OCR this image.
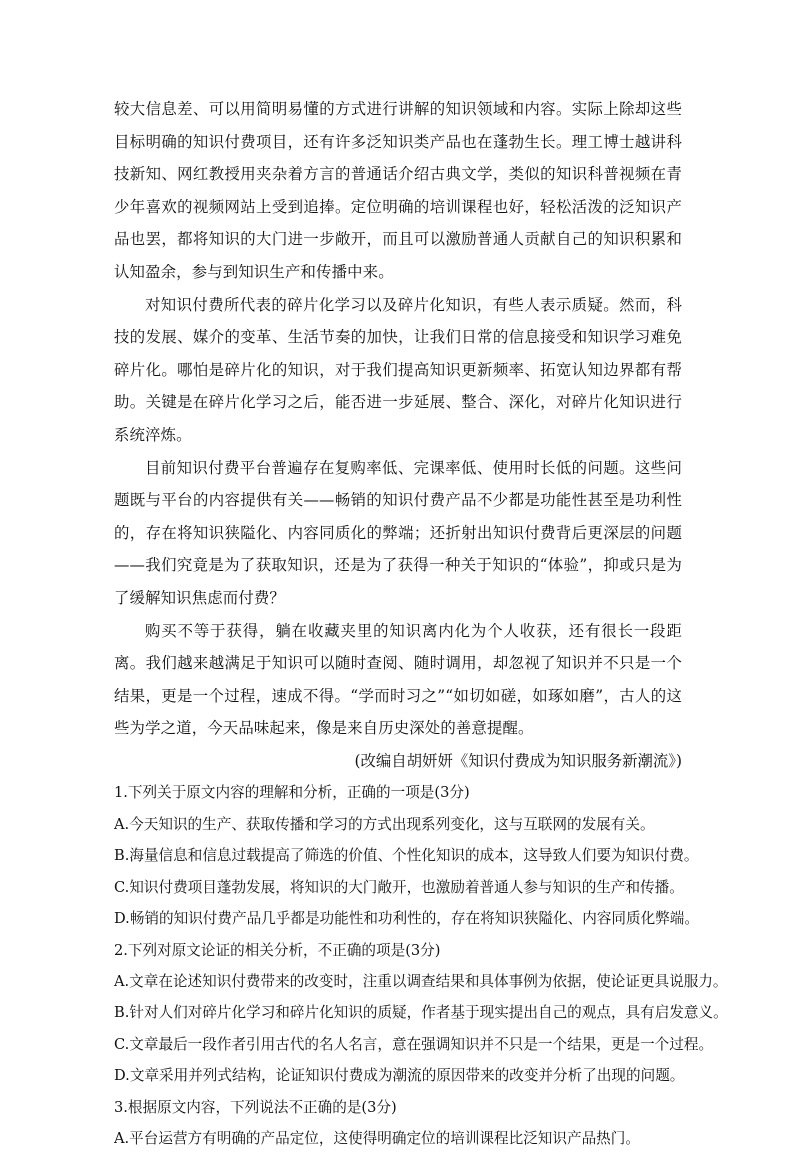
较大信息差、可以用简明易懂的方式进行讲解的知识领域和内容。实际上除却这些目标明确的知识付费项目，还有许多泛知识类产品也在蓬勃生长。理工博士越讲科技新知、网红教授用夹杂着方言的普通话介绍古典文学，类似的知识科普视频在青少年喜欢的视频网站上受到追捧。定位明确的培训课程也好，轻松活泼的泛知识产品也罢，都将知识的大门进一步敞开，而且可以激励普通人贡献自己的知识积累和认知盈余，参与到知识生产和传播中来。

对知识付费所代表的碎片化学习以及碎片化知识，有些人表示质疑。然而，科技的发展、媒介的变革、生活节奏的加快，让我们日常的信息接受和知识学习难免碎片化。哪怕是碎片化的知识，对于我们提高知识更新频率、拓宽认知边界都有帮助。关键是在碎片化学习之后，能否进一步延展、整合、深化，对碎片化知识进行系统淬炼。

目前知识付费平台普遍存在复购率低、完课率低、使用时长低的问题。这些问题既与平台的内容提供有关——畅销的知识付费产品不少都是功能性甚至是功利性的，存在将知识狭隘化、内容同质化的弊端；还折射出知识付费背后更深层的问题——我们究竟是为了获取知识，还是为了获得一种关于知识的“体验”，抑或只是为了缓解知识焦虑而付费？

购买不等于获得，躺在收藏夹里的知识离内化为个人收获，还有很长一段距离。我们越来越满足于知识可以随时查阅、随时调用，却忽视了知识并不只是一个结果，更是一个过程，速成不得。“学而时习之”“如切如磋，如琢如磨”，古人的这些为学之道，今天品味起来，像是来自历史深处的善意提醒。

(改编自胡妍妍《知识付费成为知识服务新潮流》)

1.下列关于原文内容的理解和分析，正确的一项是(3分)

A.今天知识的生产、获取传播和学习的方式出现系列变化，这与互联网的发展有关。

B.海量信息和信息过载提高了筛选的价值、个性化知识的成本，这导致人们要为知识付费。

C.知识付费项目蓬勃发展，将知识的大门敞开，也激励着普通人参与知识的生产和传播。

D.畅销的知识付费产品几乎都是功能性和功利性的，存在将知识狭隘化、内容同质化弊端。

2.下列对原文论证的相关分析，不正确的项是(3分)

A.文章在论述知识付费带来的改变时，注重以调查结果和具体事例为依据，使论证更具说服力。

B.针对人们对碎片化学习和碎片化知识的质疑，作者基于现实提出自己的观点，具有启发意义。

C.文章最后一段作者引用古代的名人名言，意在强调知识并不只是一个结果，更是一个过程。

D.文章采用并列式结构，论证知识付费成为潮流的原因带来的改变并分析了出现的问题。

3.根据原文内容，下列说法不正确的是(3分)

A.平台运营方有明确的产品定位，这使得明确定位的培训课程比泛知识产品热门。
